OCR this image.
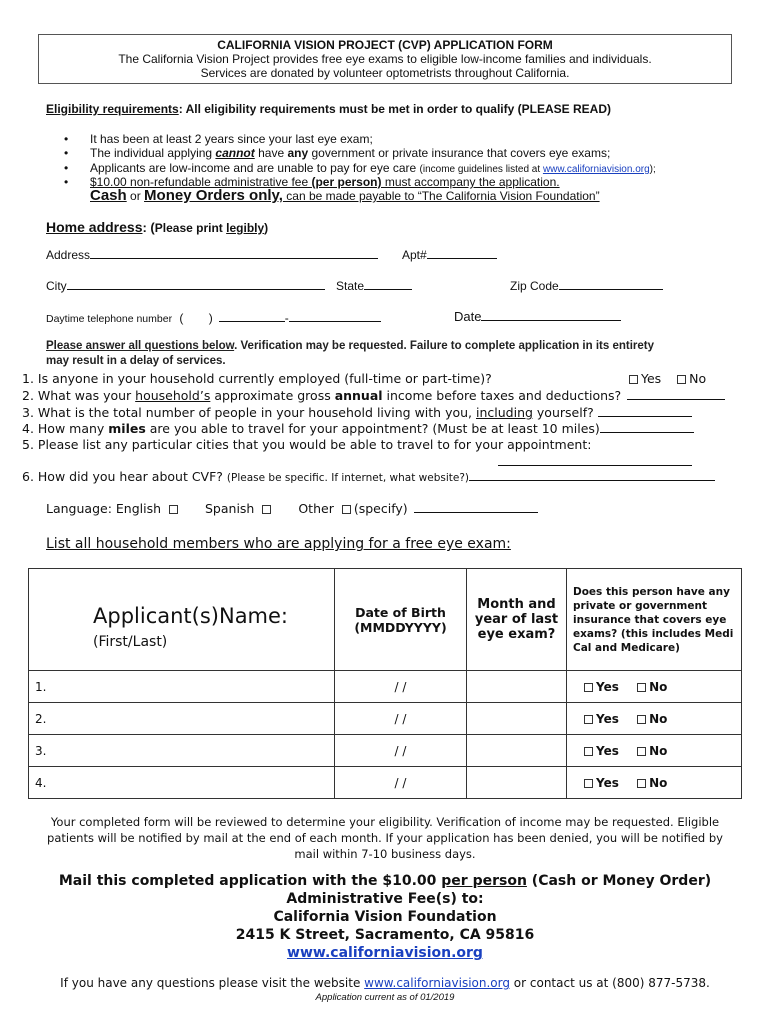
CALIFORNIA VISION PROJECT (CVP) APPLICATION FORM
The California Vision Project provides free eye exams to eligible low-income families and individuals.
Services are donated by volunteer optometrists throughout California.
Eligibility requirements: All eligibility requirements must be met in order to qualify (PLEASE READ)
• It has been at least 2 years since your last eye exam;
• The individual applying cannot have any government or private insurance that covers eye exams;
• Applicants are low-income and are unable to pay for eye care (income guidelines listed at www.californiavision.org);
• $10.00 non-refundable administrative fee (per person) must accompany the application.
Cash or Money Orders only, can be made payable to “The California Vision Foundation”
Home address: (Please print legibly)
Address	Apt#
City	State	Zip Code
Daytime telephone number ( )	-	Date
Please answer all questions below. Verification may be requested. Failure to complete application in its entirety
may result in a delay of services.
1. Is anyone in your household currently employed (full-time or part-time)?	Yes No
2. What was your household’s approximate gross annual income before taxes and deductions?
3. What is the total number of people in your household living with you, including yourself?
4. How many miles are you able to travel for your appointment? (Must be at least 10 miles)
5. Please list any particular cities that you would be able to travel to for your appointment:
6. How did you hear about CVF? (Please be specific. If internet, what website?)
Language: English	Spanish	Other (specify)
List all household members who are applying for a free eye exam:
Applicant(s)Name:
(First/Last)	Date of Birth (MMDDYYYY)	Month and year of last eye exam?	Does this person have any private or government insurance that covers eye exams? (this includes Medi Cal and Medicare)
1.	/ /		Yes No
2.	/ /		Yes No
3.	/ /		Yes No
4.	/ /		Yes No
Your completed form will be reviewed to determine your eligibility. Verification of income may be requested. Eligible
patients will be notified by mail at the end of each month. If your application has been denied, you will be notified by
mail within 7-10 business days.
Mail this completed application with the $10.00 per person (Cash or Money Order)
Administrative Fee(s) to:
California Vision Foundation
2415 K Street, Sacramento, CA 95816
www.californiavision.org
If you have any questions please visit the website www.californiavision.org or contact us at (800) 877-5738.
Application current as of 01/2019
